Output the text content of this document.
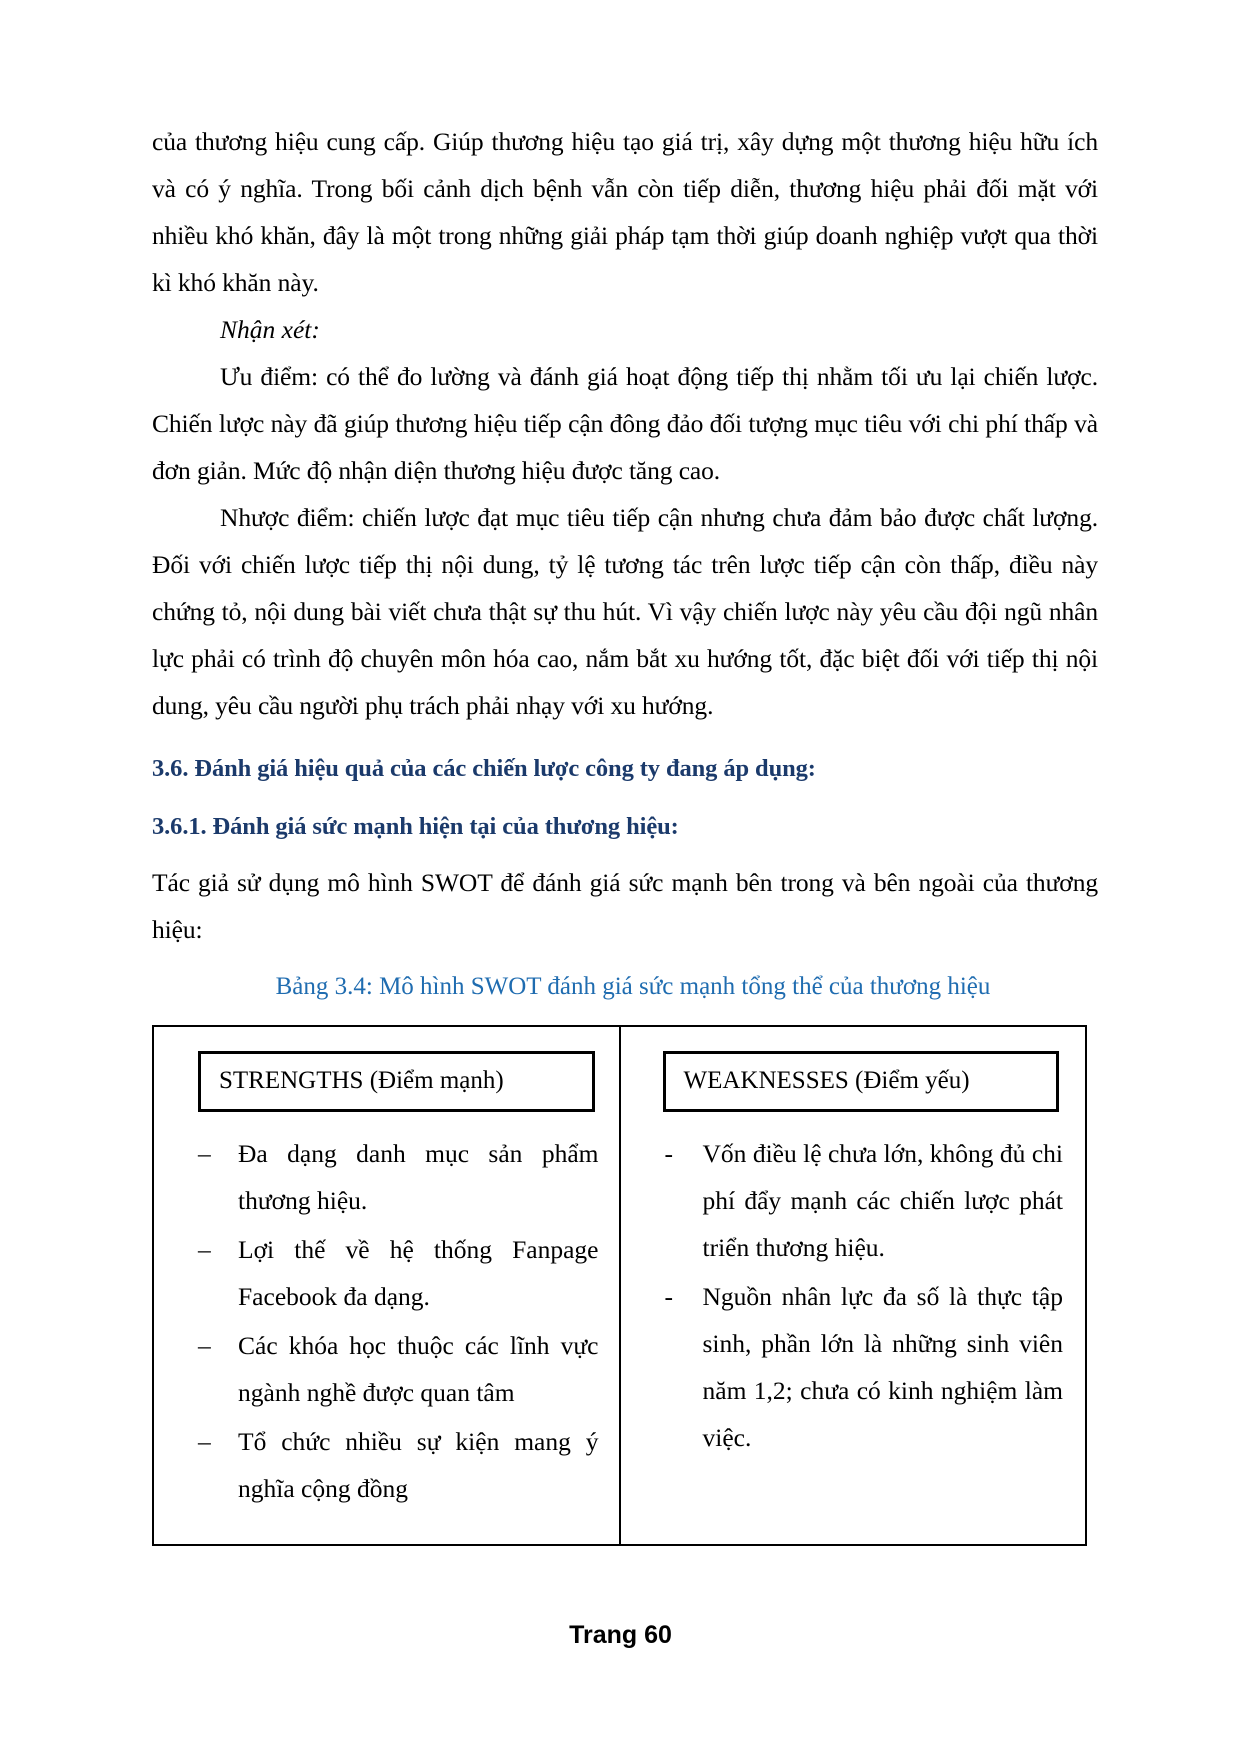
của thương hiệu cung cấp. Giúp thương hiệu tạo giá trị, xây dựng một thương hiệu hữu ích và có ý nghĩa. Trong bối cảnh dịch bệnh vẫn còn tiếp diễn, thương hiệu phải đối mặt với nhiều khó khăn, đây là một trong những giải pháp tạm thời giúp doanh nghiệp vượt qua thời kì khó khăn này.

Nhận xét:

Ưu điểm: có thể đo lường và đánh giá hoạt động tiếp thị nhằm tối ưu lại chiến lược. Chiến lược này đã giúp thương hiệu tiếp cận đông đảo đối tượng mục tiêu với chi phí thấp và đơn giản. Mức độ nhận diện thương hiệu được tăng cao.

Nhược điểm: chiến lược đạt mục tiêu tiếp cận nhưng chưa đảm bảo được chất lượng. Đối với chiến lược tiếp thị nội dung, tỷ lệ tương tác trên lược tiếp cận còn thấp, điều này chứng tỏ, nội dung bài viết chưa thật sự thu hút. Vì vậy chiến lược này yêu cầu đội ngũ nhân lực phải có trình độ chuyên môn hóa cao, nắm bắt xu hướng tốt, đặc biệt đối với tiếp thị nội dung, yêu cầu người phụ trách phải nhạy với xu hướng.

3.6. Đánh giá hiệu quả của các chiến lược công ty đang áp dụng:
3.6.1. Đánh giá sức mạnh hiện tại của thương hiệu:

Tác giả sử dụng mô hình SWOT để đánh giá sức mạnh bên trong và bên ngoài của thương hiệu:

Bảng 3.4: Mô hình SWOT đánh giá sức mạnh tổng thể của thương hiệu

STRENGTHS (Điểm mạnh)
– Đa dạng danh mục sản phẩm thương hiệu.
– Lợi thế về hệ thống Fanpage Facebook đa dạng.
– Các khóa học thuộc các lĩnh vực ngành nghề được quan tâm
– Tổ chức nhiều sự kiện mang ý nghĩa cộng đồng

WEAKNESSES (Điểm yếu)
- Vốn điều lệ chưa lớn, không đủ chi phí đẩy mạnh các chiến lược phát triển thương hiệu.
- Nguồn nhân lực đa số là thực tập sinh, phần lớn là những sinh viên năm 1,2; chưa có kinh nghiệm làm việc.
Trang 60
